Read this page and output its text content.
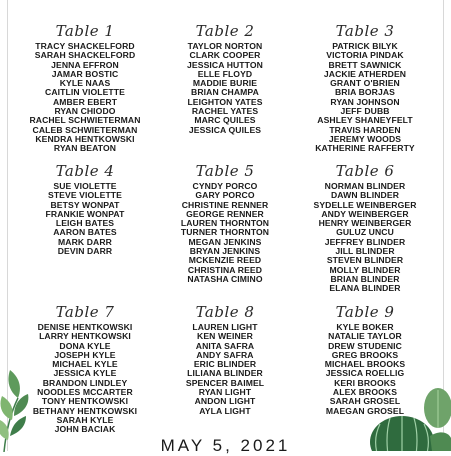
Table 1
TRACY SHACKELFORD
SARAH SHACKELFORD
JENNA EFFRON
JAMAR BOSTIC
KYLE NAAS
CAITLIN VIOLETTE
AMBER EBERT
RYAN CHIODO
RACHEL SCHWIETERMAN
CALEB SCHWIETERMAN
KENDRA HENTKOWSKI
RYAN BEATON
Table 2
TAYLOR NORTON
CLARK COOPER
JESSICA HUTTON
ELLE FLOYD
MADDIE BURIE
BRIAN CHAMPA
LEIGHTON YATES
RACHEL YATES
MARC QUILES
JESSICA QUILES
Table 3
PATRICK BILYK
VICTORIA PINDAK
BRETT SAWNICK
JACKIE ATHERDEN
GRANT O'BRIEN
BRIA BORJAS
RYAN JOHNSON
JEFF DUBB
ASHLEY SHANEYFELT
TRAVIS HARDEN
JEREMY WOODS
KATHERINE RAFFERTY
Table 4
SUE VIOLETTE
STEVE VIOLETTE
BETSY WONPAT
FRANKIE WONPAT
LEIGH BATES
AARON BATES
MARK DARR
DEVIN DARR
Table 5
CYNDY PORCO
GARY PORCO
CHRISTINE RENNER
GEORGE RENNER
LAUREN THORNTON
TURNER THORNTON
MEGAN JENKINS
BRYAN JENKINS
MCKENZIE REED
CHRISTINA REED
NATASHA CIMINO
Table 6
NORMAN BLINDER
DAWN BLINDER
SYDELLE WEINBERGER
ANDY WEINBERGER
HENRY WEINBERGER
GULUZ UNCU
JEFFREY BLINDER
JILL BLINDER
STEVEN BLINDER
MOLLY BLINDER
BRIAN BLINDER
ELANA BLINDER
Table 7
DENISE HENTKOWSKI
LARRY HENTKOWSKI
DONA KYLE
JOSEPH KYLE
MICHAEL KYLE
JESSICA KYLE
BRANDON LINDLEY
NOODLES MCCARTER
TONY HENTKOWSKI
BETHANY HENTKOWSKI
SARAH KYLE
JOHN BACIAK
Table 8
LAUREN LIGHT
KEN WEINER
ANITA SAFRA
ANDY SAFRA
ERIC BLINDER
LILIANA BLINDER
SPENCER BAIMEL
RYAN LIGHT
ANDON LIGHT
AYLA LIGHT
Table 9
KYLE BOKER
NATALIE TAYLOR
DREW STUDENIC
GREG BROOKS
MICHAEL BROOKS
JESSICA ROELLIG
KERI BROOKS
ALEX BROOKS
SARAH GROSEL
MAEGAN GROSEL
MAY 5, 2021
